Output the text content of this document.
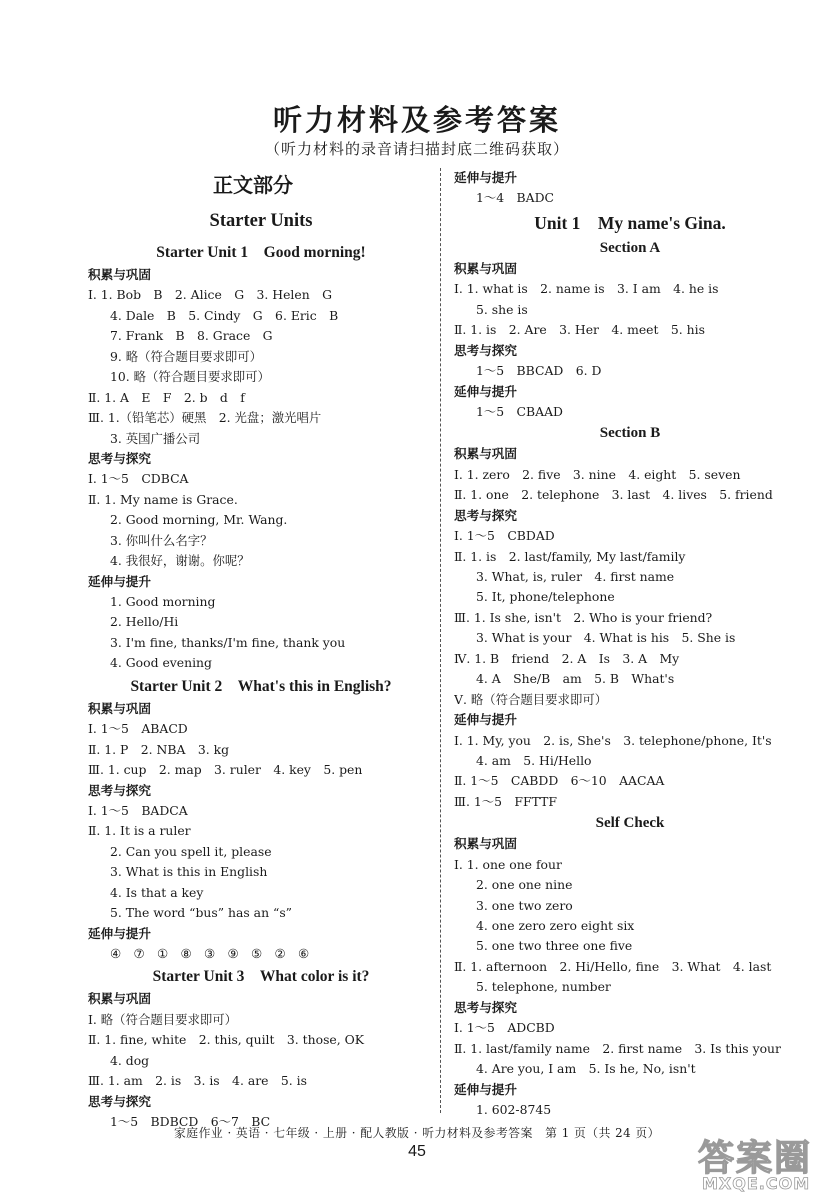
听力材料及参考答案
（听力材料的录音请扫描封底二维码获取）
正文部分
Starter Units
Starter Unit 1　Good morning!
积累与巩固
Ⅰ. 1. Bob　B　2. Alice　G　3. Helen　G
4. Dale　B　5. Cindy　G　6. Eric　B
7. Frank　B　8. Grace　G
9. 略（符合题目要求即可）
10. 略（符合题目要求即可）
Ⅱ. 1. A　E　F　2. b　d　f
Ⅲ. 1.（铅笔芯）硬黑　2. 光盘；激光唱片
3. 英国广播公司
思考与探究
Ⅰ. 1～5　CDBCA
Ⅱ. 1. My name is Grace.
2. Good morning, Mr. Wang.
3. 你叫什么名字？
4. 我很好，谢谢。你呢？
延伸与提升
1. Good morning
2. Hello/Hi
3. I'm fine, thanks/I'm fine, thank you
4. Good evening
Starter Unit 2　What's this in English?
积累与巩固
Ⅰ. 1～5　ABACD
Ⅱ. 1. P　2. NBA　3. kg
Ⅲ. 1. cup　2. map　3. ruler　4. key　5. pen
思考与探究
Ⅰ. 1～5　BADCA
Ⅱ. 1. It is a ruler
2. Can you spell it, please
3. What is this in English
4. Is that a key
5. The word “bus” has an “s”
延伸与提升
④　⑦　①　⑧　③　⑨　⑤　②　⑥
Starter Unit 3　What color is it?
积累与巩固
Ⅰ. 略（符合题目要求即可）
Ⅱ. 1. fine, white　2. this, quilt　3. those, OK
4. dog
Ⅲ. 1. am　2. is　3. is　4. are　5. is
思考与探究
1～5　BDBCD　6～7　BC
延伸与提升
1～4　BADC
Unit 1　My name's Gina.
Section A
积累与巩固
Ⅰ. 1. what is　2. name is　3. I am　4. he is
5. she is
Ⅱ. 1. is　2. Are　3. Her　4. meet　5. his
思考与探究
1～5　BBCAD　6. D
延伸与提升
1～5　CBAAD
Section B
积累与巩固
Ⅰ. 1. zero　2. five　3. nine　4. eight　5. seven
Ⅱ. 1. one　2. telephone　3. last　4. lives　5. friend
思考与探究
Ⅰ. 1～5　CBDAD
Ⅱ. 1. is　2. last/family, My last/family
3. What, is, ruler　4. first name
5. It, phone/telephone
Ⅲ. 1. Is she, isn't　2. Who is your friend?
3. What is your　4. What is his　5. She is
Ⅳ. 1. B　friend　2. A　Is　3. A　My
4. A　She/B　am　5. B　What's
Ⅴ. 略（符合题目要求即可）
延伸与提升
Ⅰ. 1. My, you　2. is, She's　3. telephone/phone, It's
4. am　5. Hi/Hello
Ⅱ. 1～5　CABDD　6～10　AACAA
Ⅲ. 1～5　FFTTF
Self Check
积累与巩固
Ⅰ. 1. one one four
2. one one nine
3. one two zero
4. one zero zero eight six
5. one two three one five
Ⅱ. 1. afternoon　2. Hi/Hello, fine　3. What　4. last
5. telephone, number
思考与探究
Ⅰ. 1～5　ADCBD
Ⅱ. 1. last/family name　2. first name　3. Is this your
4. Are you, I am　5. Is he, No, isn't
延伸与提升
1. 602-8745
家庭作业 · 英语 · 七年级 · 上册 · 配人教版 · 听力材料及参考答案　第 1 页（共 24 页）
45	答案圈
MXQE.COM
